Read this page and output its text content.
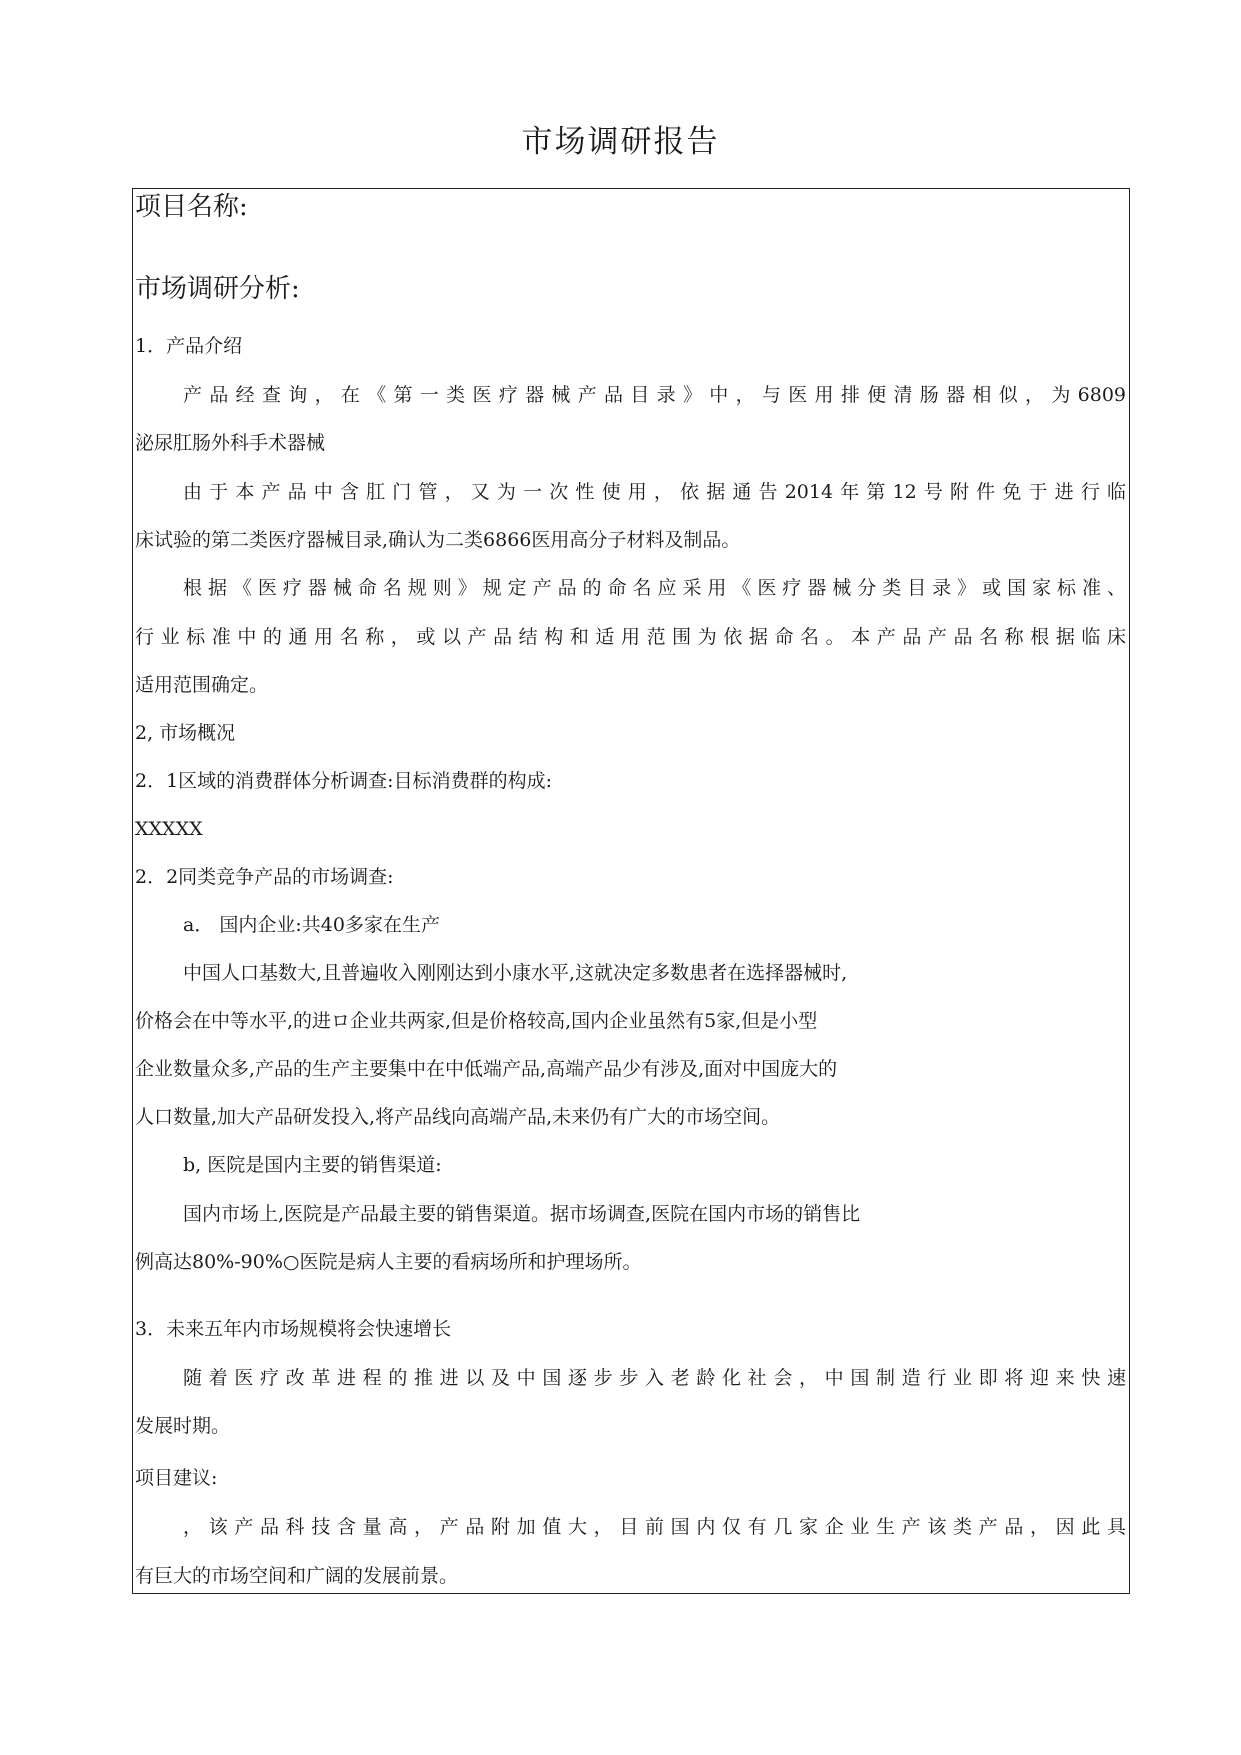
市场调研报告
项目名称:
市场调研分析:
1．产品介绍
产品经查询，在《第一类医疗器械产品目录》中，与医用排便清肠器相似，为6809
泌尿肛肠外科手术器械
由于本产品中含肛门管，又为一次性使用，依据通告2014年第12号附件免于进行临
床试验的第二类医疗器械目录,确认为二类6866医用高分子材料及制品。
根据《医疗器械命名规则》规定产品的命名应采用《医疗器械分类目录》或国家标准、
行业标准中的通用名称，或以产品结构和适用范围为依据命名。本产品产品名称根据临床
适用范围确定。
2, 市场概况
2．1区域的消费群体分析调查:目标消费群的构成:
XXXXX
2．2同类竞争产品的市场调查:
a． 国内企业:共40多家在生产
中国人口基数大,且普遍收入刚刚达到小康水平,这就决定多数患者在选择器械时,
价格会在中等水平,的进ロ企业共两家,但是价格较高,国内企业虽然有5家,但是小型
企业数量众多,产品的生产主要集中在中低端产品,高端产品少有涉及,面对中国庞大的
人口数量,加大产品研发投入,将产品线向高端产品,未来仍有广大的市场空间。
b, 医院是国内主要的销售渠道:
国内市场上,医院是产品最主要的销售渠道。据市场调查,医院在国内市场的销售比
例高达80%-90%○医院是病人主要的看病场所和护理场所。
3．未来五年内市场规模将会快速增长
随着医疗改革进程的推进以及中国逐步步入老龄化社会，中国制造行业即将迎来快速
发展时期。
项目建议:
，该产品科技含量高，产品附加值大，目前国内仅有几家企业生产该类产品，因此具
有巨大的市场空间和广阔的发展前景。
